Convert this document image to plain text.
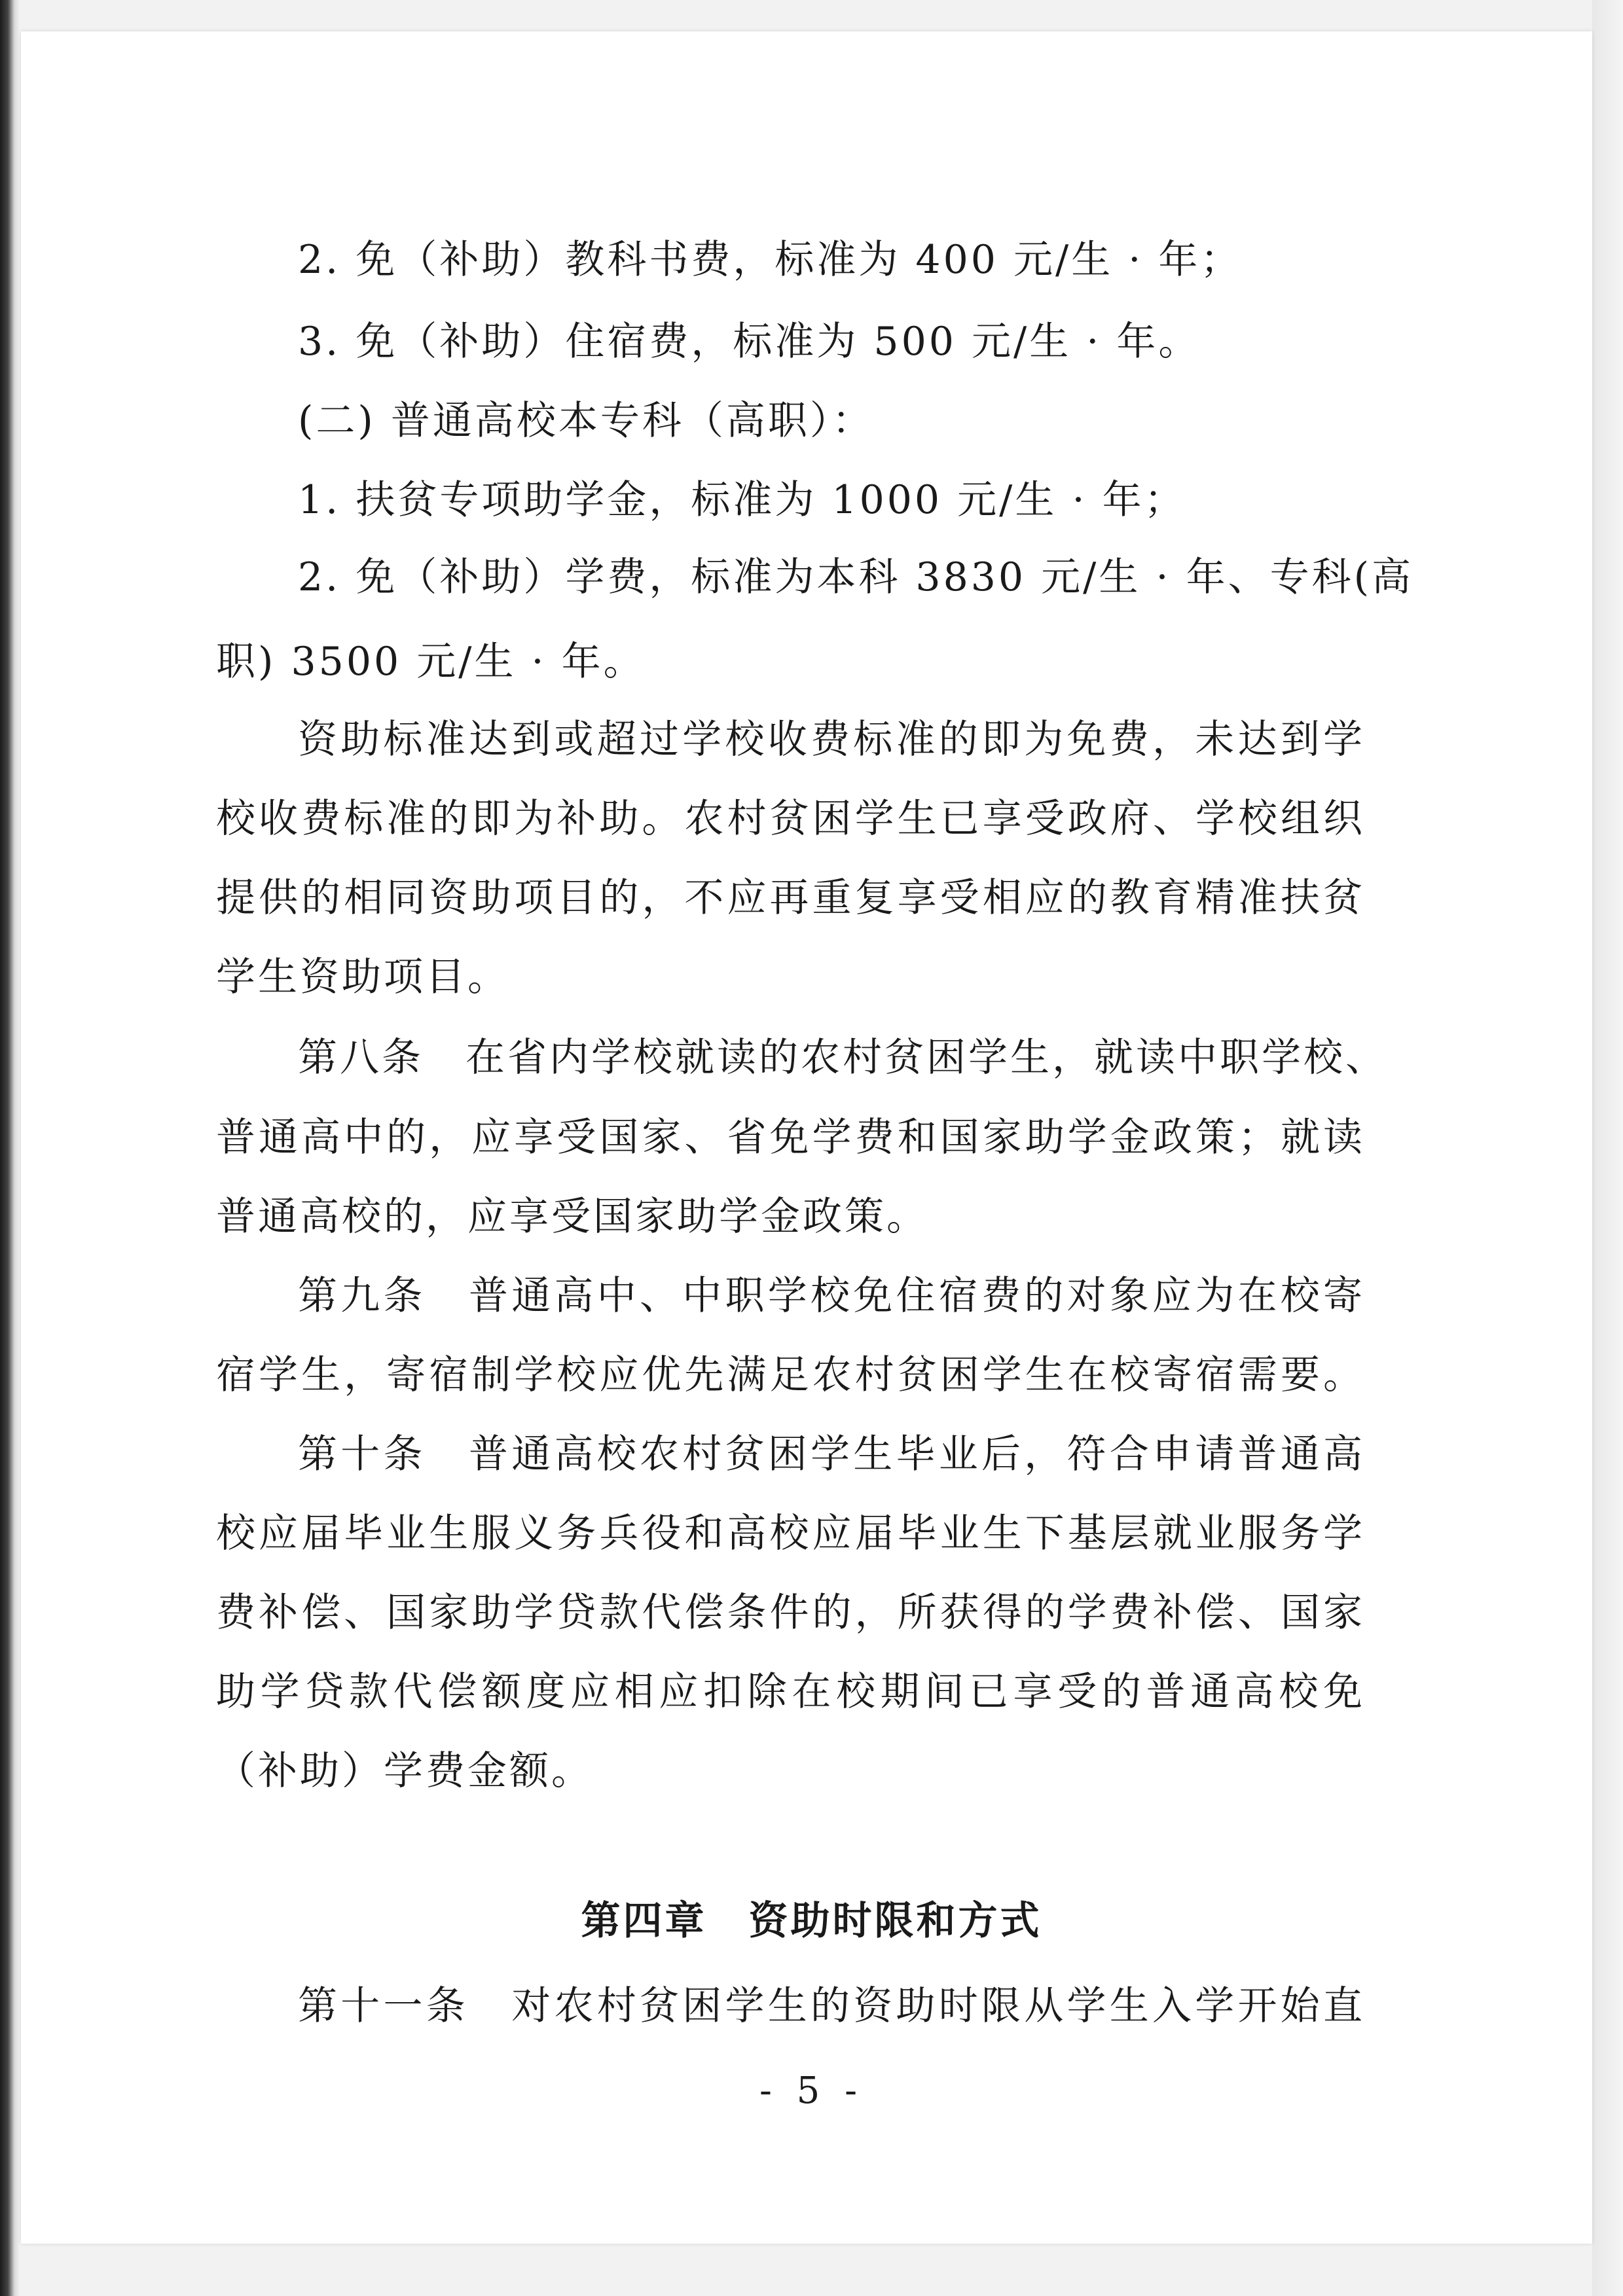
2. 免（补助）教科书费，标准为 400 元/生 · 年；
3. 免（补助）住宿费，标准为 500 元/生 · 年。
(二) 普通高校本专科（高职）：
1. 扶贫专项助学金，标准为 1000 元/生 · 年；
2. 免（补助）学费，标准为本科 3830 元/生 · 年、专科(高
职) 3500 元/生 · 年。
资助标准达到或超过学校收费标准的即为免费，未达到学
校收费标准的即为补助。农村贫困学生已享受政府、学校组织
提供的相同资助项目的，不应再重复享受相应的教育精准扶贫
学生资助项目。
第八条　在省内学校就读的农村贫困学生，就读中职学校、
普通高中的，应享受国家、省免学费和国家助学金政策；就读
普通高校的，应享受国家助学金政策。
第九条　普通高中、中职学校免住宿费的对象应为在校寄
宿学生，寄宿制学校应优先满足农村贫困学生在校寄宿需要。
第十条　普通高校农村贫困学生毕业后，符合申请普通高
校应届毕业生服义务兵役和高校应届毕业生下基层就业服务学
费补偿、国家助学贷款代偿条件的，所获得的学费补偿、国家
助学贷款代偿额度应相应扣除在校期间已享受的普通高校免
（补助）学费金额。
第四章　资助时限和方式
第十一条　对农村贫困学生的资助时限从学生入学开始直
- 5 -
